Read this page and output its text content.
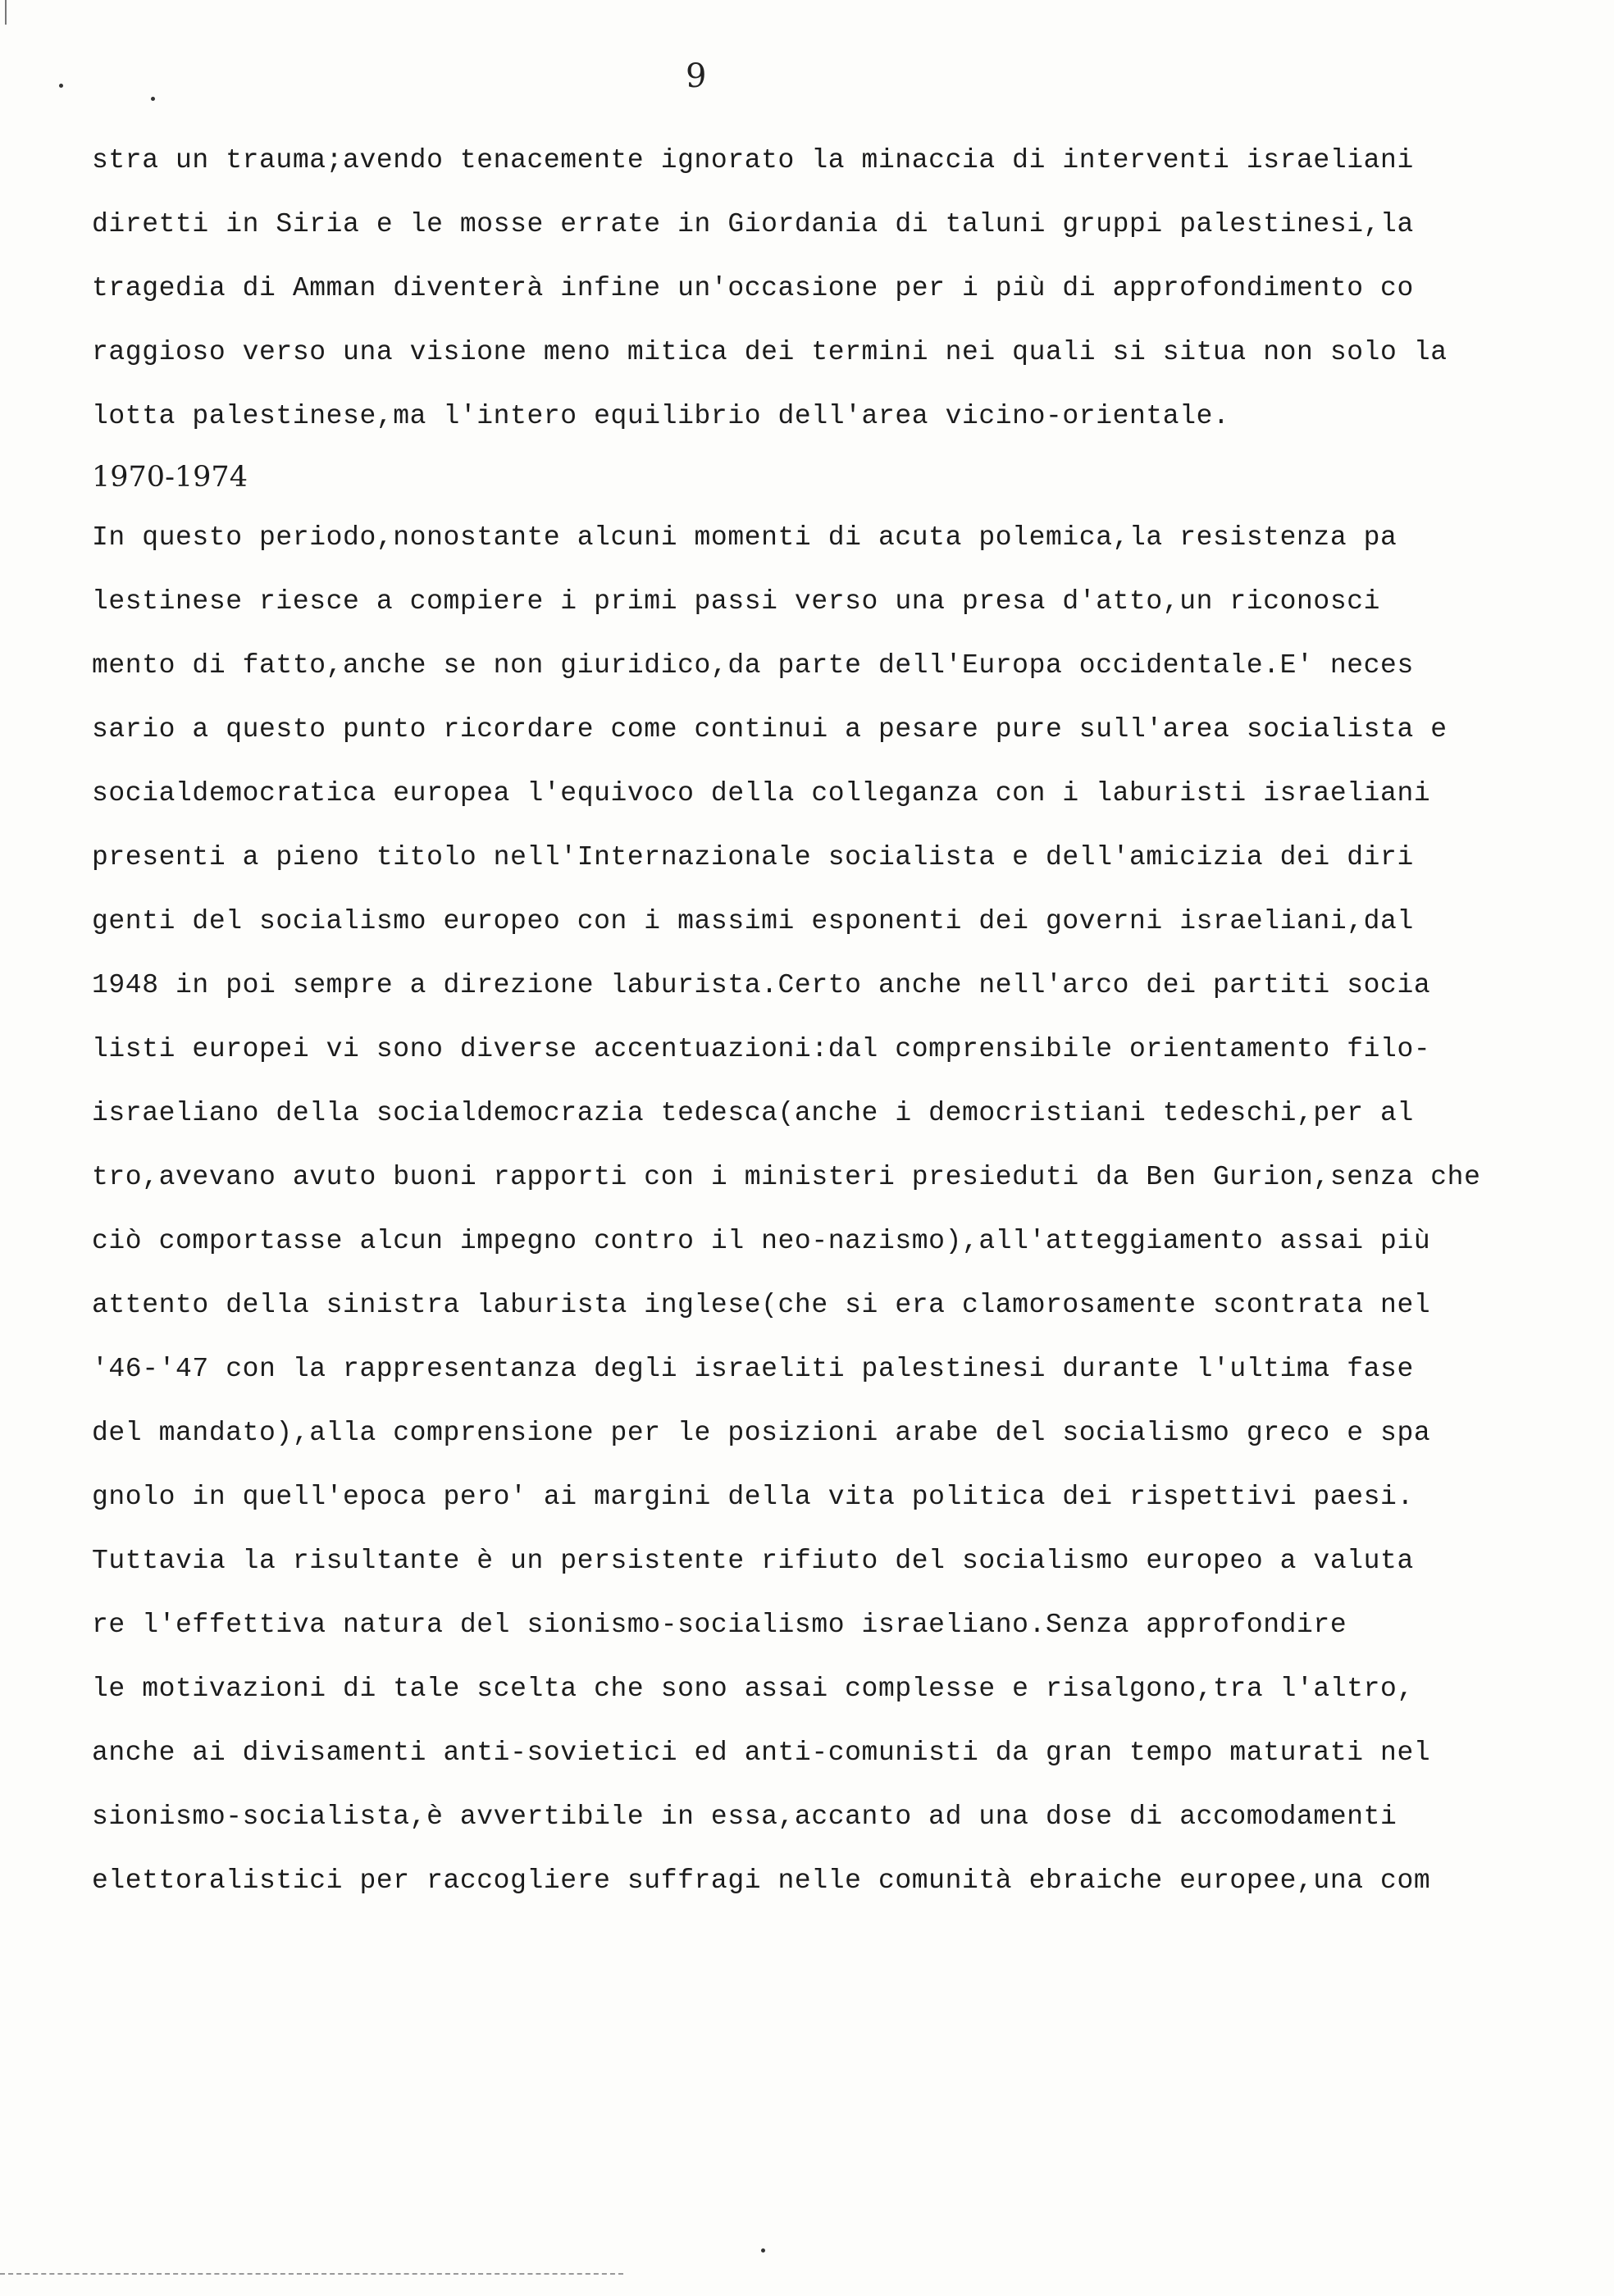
9
stra un trauma;avendo tenacemente ignorato la minaccia di interventi israeliani
diretti in Siria e le mosse errate in Giordania di taluni gruppi palestinesi,la
tragedia di Amman diventerà infine un'occasione per i più di approfondimento co
raggioso verso una visione meno mitica dei termini nei quali si situa non solo la
lotta palestinese,ma l'intero equilibrio dell'area vicino-orientale.
1970-1974
In questo periodo,nonostante alcuni momenti di acuta polemica,la resistenza pa
lestinese riesce a compiere i primi passi verso una presa d'atto,un riconosci
mento di fatto,anche se non giuridico,da parte dell'Europa occidentale.E' neces
sario a questo punto ricordare come continui a pesare pure sull'area socialista e
socialdemocratica europea l'equivoco della colleganza con i laburisti israeliani
presenti a pieno titolo nell'Internazionale socialista e dell'amicizia dei diri
genti del socialismo europeo con i massimi esponenti dei governi israeliani,dal
1948 in poi sempre a direzione laburista.Certo anche nell'arco dei partiti socia
listi europei vi sono diverse accentuazioni:dal comprensibile orientamento filo-
israeliano della socialdemocrazia tedesca(anche i democristiani tedeschi,per al
tro,avevano avuto buoni rapporti con i ministeri presieduti da Ben Gurion,senza che
ciò comportasse alcun impegno contro il neo-nazismo),all'atteggiamento assai più
attento della sinistra laburista inglese(che si era clamorosamente scontrata nel
'46-'47 con la rappresentanza degli israeliti palestinesi durante l'ultima fase
del mandato),alla comprensione per le posizioni arabe del socialismo greco e spa
gnolo in quell'epoca pero' ai margini della vita politica dei rispettivi paesi.
Tuttavia la risultante è un persistente rifiuto del socialismo europeo a valuta
re l'effettiva natura del sionismo-socialismo israeliano.Senza approfondire
le motivazioni di tale scelta che sono assai complesse e risalgono,tra l'altro,
anche ai divisamenti anti-sovietici ed anti-comunisti da gran tempo maturati nel
sionismo-socialista,è avvertibile in essa,accanto ad una dose di accomodamenti
elettoralistici per raccogliere suffragi nelle comunità ebraiche europee,una com
